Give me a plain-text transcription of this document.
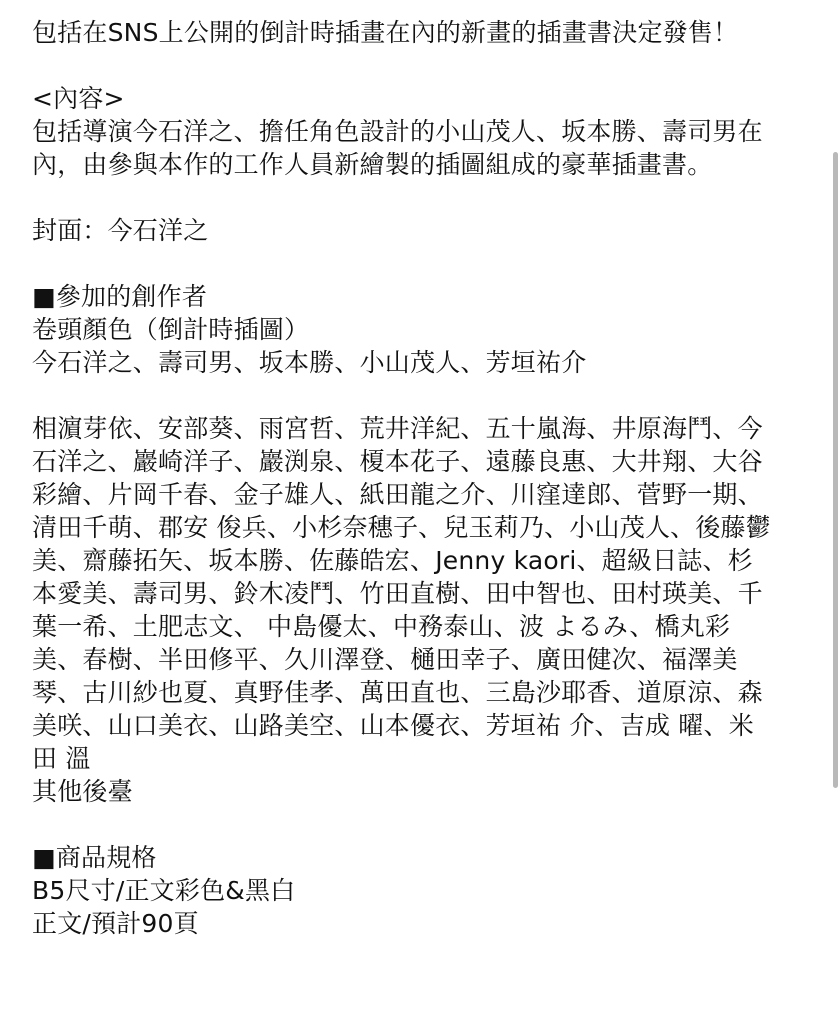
包括在SNS上公開的倒計時插畫在內的新畫的插畫書決定發售！
<內容>
包括導演今石洋之、擔任角色設計的小山茂人、坂本勝、壽司男在
內，由參與本作的工作人員新繪製的插圖組成的豪華插畫書。
封面：今石洋之
■參加的創作者
卷頭顏色（倒計時插圖）
今石洋之、壽司男、坂本勝、小山茂人、芳垣祐介
相濵芽依、安部葵、雨宮哲、荒井洋紀、五十嵐海、井原海鬥、今
石洋之、巖崎洋子、巖渕泉、榎本花子、遠藤良惠、大井翔、大谷
彩繪、片岡千春、金子雄人、紙田龍之介、川窪達郎、菅野一期、
清田千萌、郡安 俊兵、小杉奈穗子、兒玉莉乃、小山茂人、後藤鬱
美、齋藤拓矢、坂本勝、佐藤皓宏、Jenny kaori、超級日誌、杉
本愛美、壽司男、鈴木凌鬥、竹田直樹、田中智也、田村瑛美、千
葉一希、土肥志文、 中島優太、中務泰山、波 よるみ、橋丸彩
美、春樹、半田修平、久川澤登、樋田幸子、廣田健次、福澤美
琴、古川紗也夏、真野佳孝、萬田直也、三島沙耶香、道原涼、森
美咲、山口美衣、山路美空、山本優衣、芳垣祐 介、吉成 曜、米
田 溫
其他後臺
■商品規格
B5尺寸/正文彩色&黑白
正文/預計90頁
